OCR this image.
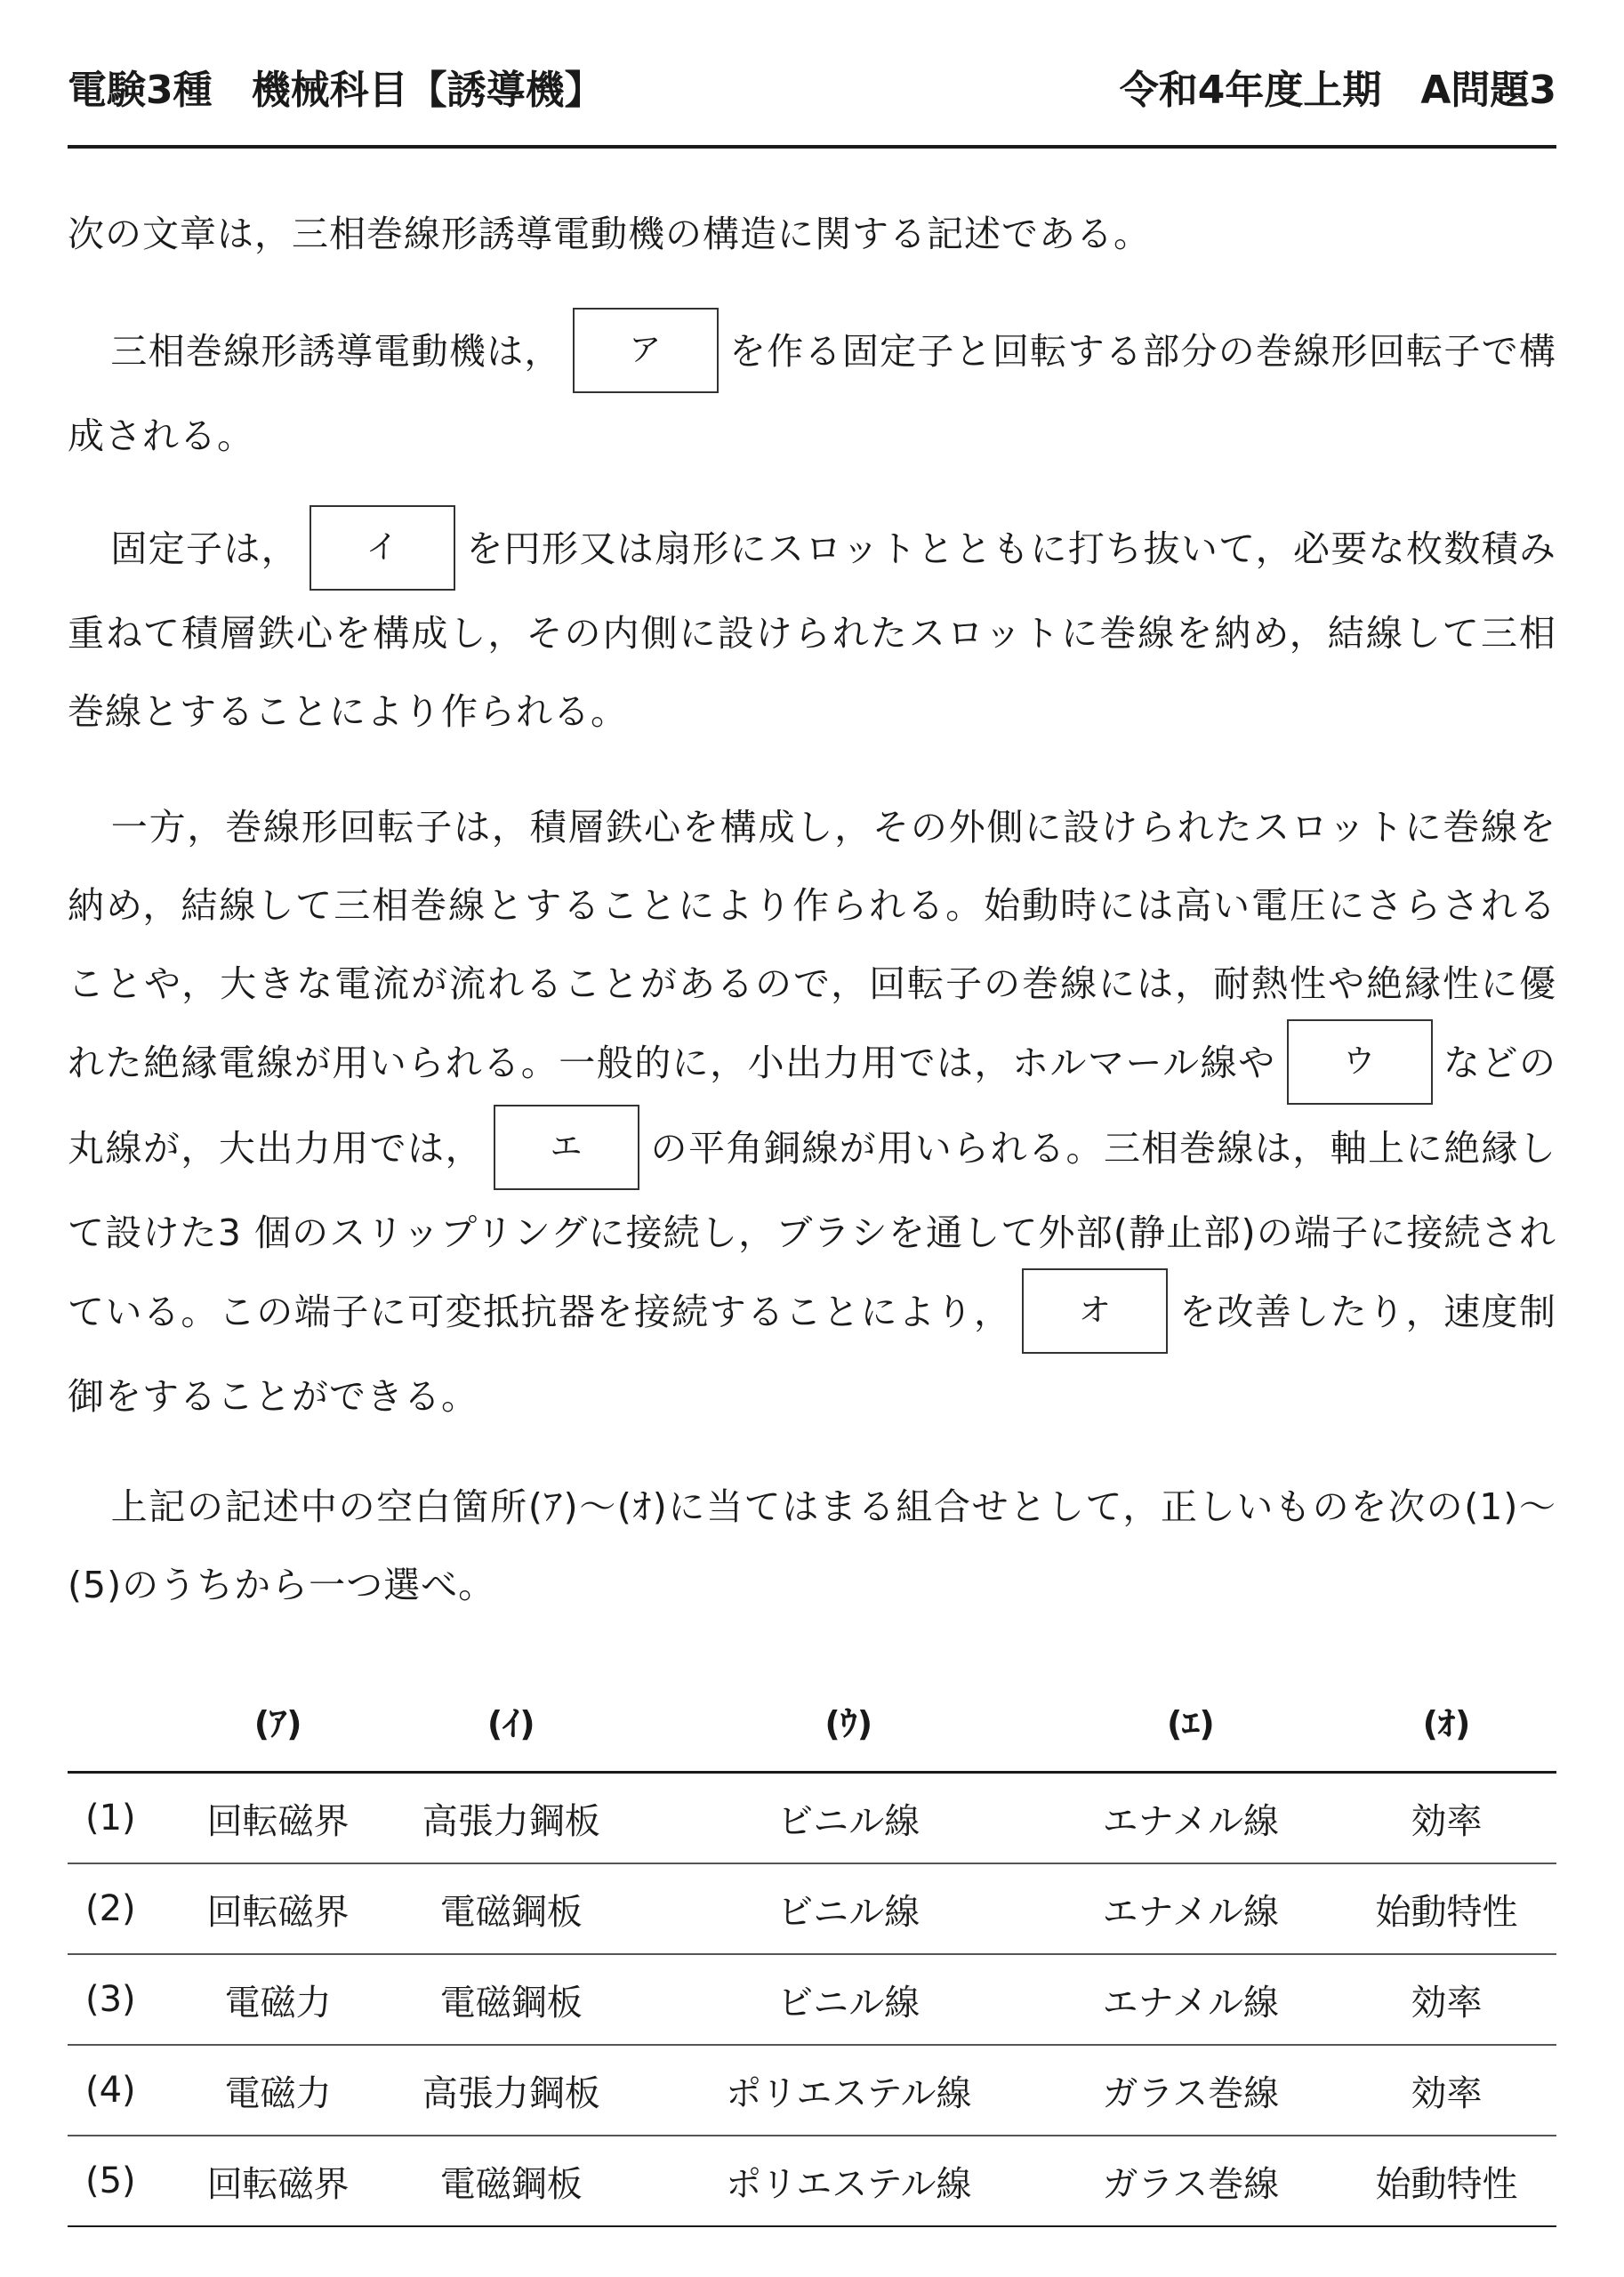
電験3種　機械科目【誘導機】	令和4年度上期　A問題3
次の文章は，三相巻線形誘導電動機の構造に関する記述である。
三相巻線形誘導電動機は， ア を作る固定子と回転する部分の巻線形回転子で構成される。
固定子は， イ を円形又は扇形にスロットとともに打ち抜いて，必要な枚数積み重ねて積層鉄心を構成し，その内側に設けられたスロットに巻線を納め，結線して三相巻線とすることにより作られる。
一方，巻線形回転子は，積層鉄心を構成し，その外側に設けられたスロットに巻線を納め，結線して三相巻線とすることにより作られる。始動時には高い電圧にさらされることや，大きな電流が流れることがあるので，回転子の巻線には，耐熱性や絶縁性に優れた絶縁電線が用いられる。一般的に，小出力用では，ホルマール線や ウ などの丸線が，大出力用では， エ の平角銅線が用いられる。三相巻線は，軸上に絶縁して設けた3 個のスリップリングに接続し，ブラシを通して外部(静止部)の端子に接続されている。この端子に可変抵抗器を接続することにより， オ を改善したり，速度制御をすることができる。
上記の記述中の空白箇所(ｱ)～(ｵ)に当てはまる組合せとして，正しいものを次の(1)～(5)のうちから一つ選べ。
	(ｱ)	(ｲ)	(ｳ)	(ｴ)	(ｵ)
(1)	回転磁界	高張力鋼板	ビニル線	エナメル線	効率
(2)	回転磁界	電磁鋼板	ビニル線	エナメル線	始動特性
(3)	電磁力	電磁鋼板	ビニル線	エナメル線	効率
(4)	電磁力	高張力鋼板	ポリエステル線	ガラス巻線	効率
(5)	回転磁界	電磁鋼板	ポリエステル線	ガラス巻線	始動特性
